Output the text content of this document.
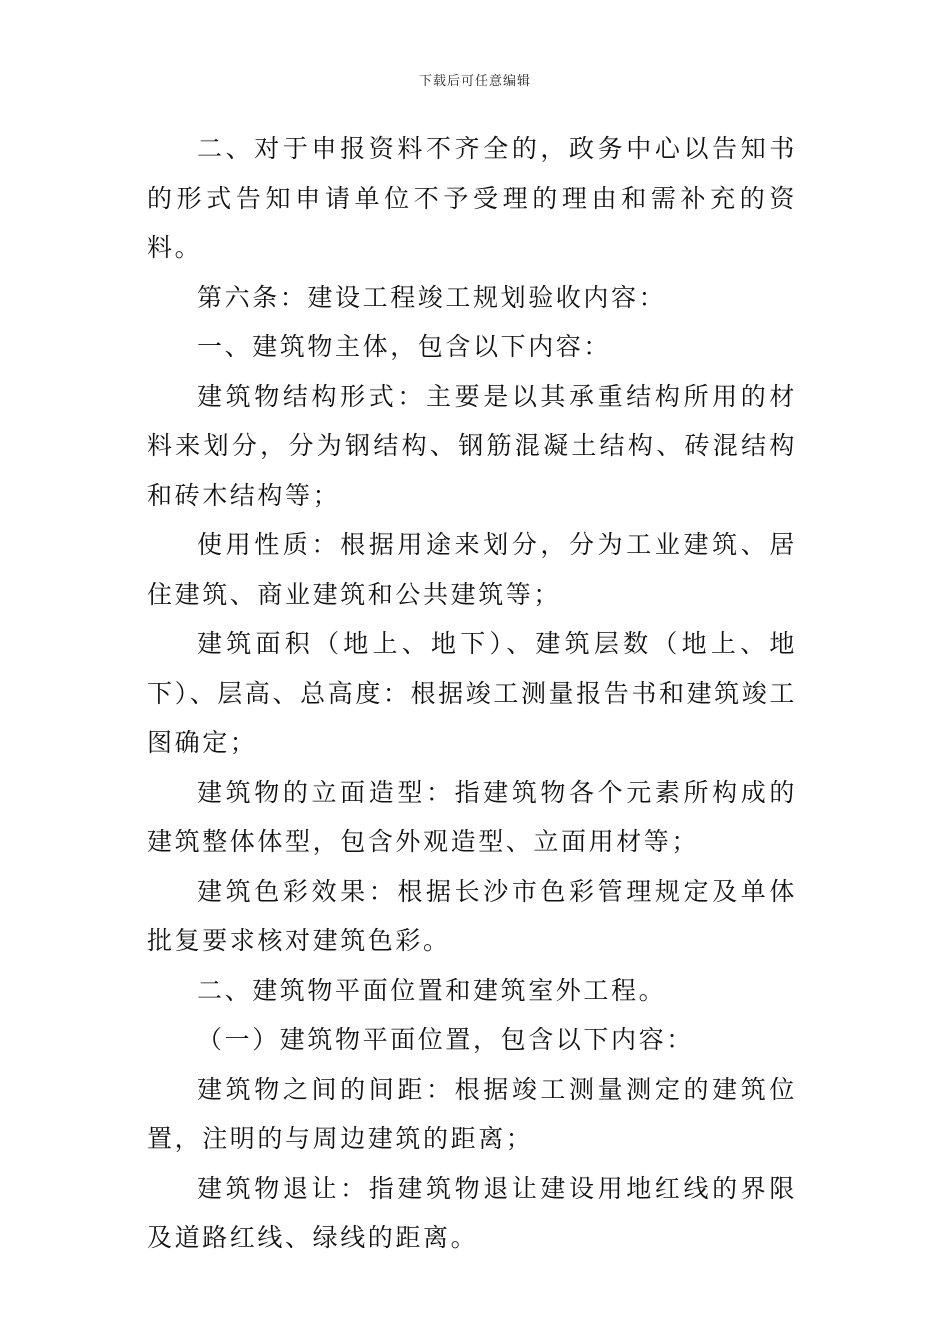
下载后可任意编辑

二、对于申报资料不齐全的，政务中心以告知书的形式告知申请单位不予受理的理由和需补充的资料。

第六条：建设工程竣工规划验收内容：

一、建筑物主体，包含以下内容：

建筑物结构形式：主要是以其承重结构所用的材料来划分，分为钢结构、钢筋混凝土结构、砖混结构和砖木结构等；

使用性质：根据用途来划分，分为工业建筑、居住建筑、商业建筑和公共建筑等；

建筑面积（地上、地下）、建筑层数（地上、地下）、层高、总高度：根据竣工测量报告书和建筑竣工图确定；

建筑物的立面造型：指建筑物各个元素所构成的建筑整体体型，包含外观造型、立面用材等；

建筑色彩效果：根据长沙市色彩管理规定及单体批复要求核对建筑色彩。

二、建筑物平面位置和建筑室外工程。

（一）建筑物平面位置，包含以下内容：

建筑物之间的间距：根据竣工测量测定的建筑位置，注明的与周边建筑的距离；

建筑物退让：指建筑物退让建设用地红线的界限及道路红线、绿线的距离。
